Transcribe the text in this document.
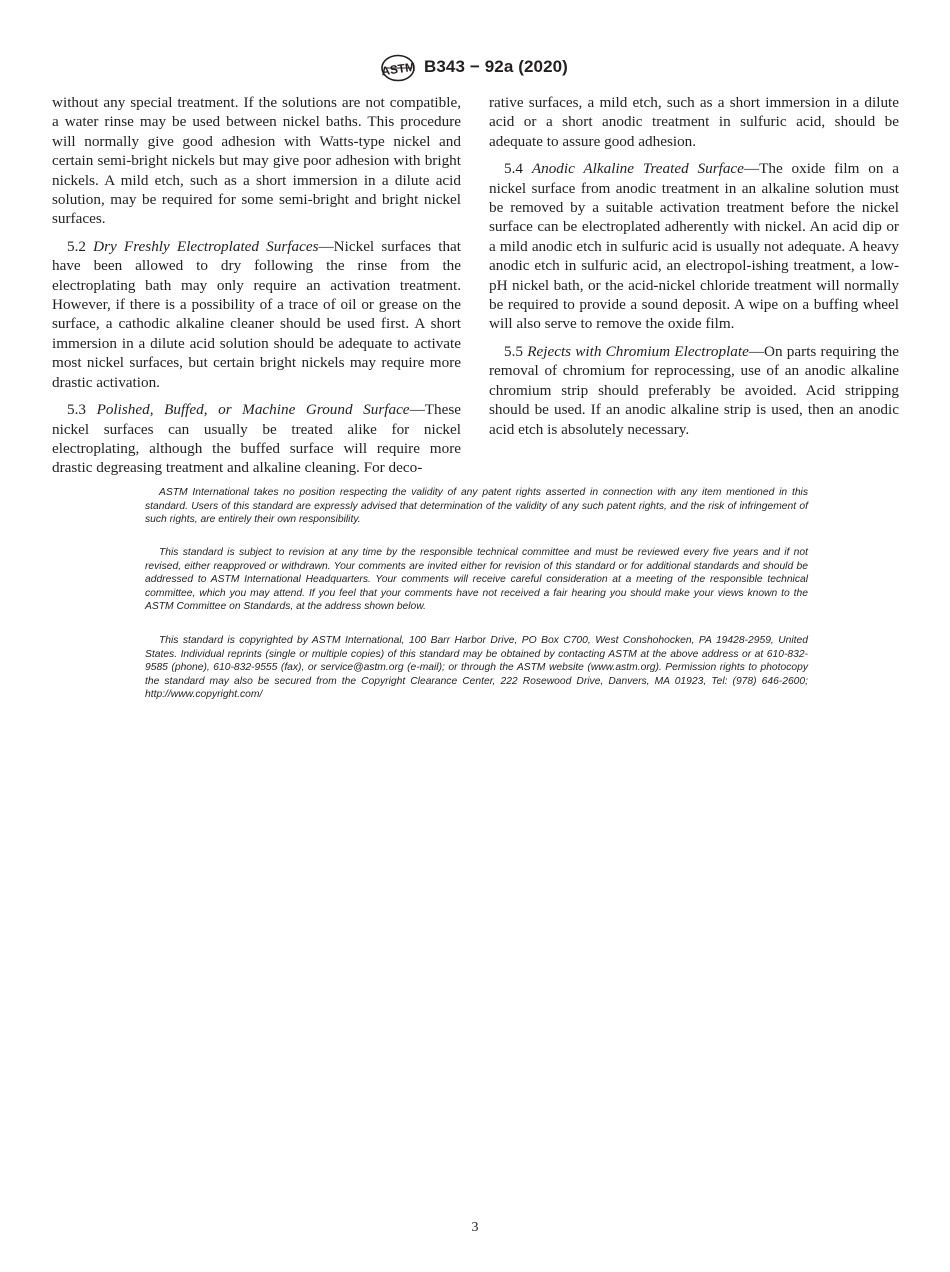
ASTM B343 − 92a (2020)

without any special treatment. If the solutions are not compatible, a water rinse may be used between nickel baths. This procedure will normally give good adhesion with Watts-type nickel and certain semi-bright nickels but may give poor adhesion with bright nickels. A mild etch, such as a short immersion in a dilute acid solution, may be required for some semi-bright and bright nickel surfaces.

5.2 Dry Freshly Electroplated Surfaces—Nickel surfaces that have been allowed to dry following the rinse from the electroplating bath may only require an activation treatment. However, if there is a possibility of a trace of oil or grease on the surface, a cathodic alkaline cleaner should be used first. A short immersion in a dilute acid solution should be adequate to activate most nickel surfaces, but certain bright nickels may require more drastic activation.

5.3 Polished, Buffed, or Machine Ground Surface—These nickel surfaces can usually be treated alike for nickel electroplating, although the buffed surface will require more drastic degreasing treatment and alkaline cleaning. For deco-

rative surfaces, a mild etch, such as a short immersion in a dilute acid or a short anodic treatment in sulfuric acid, should be adequate to assure good adhesion.

5.4 Anodic Alkaline Treated Surface—The oxide film on a nickel surface from anodic treatment in an alkaline solution must be removed by a suitable activation treatment before the nickel surface can be electroplated adherently with nickel. An acid dip or a mild anodic etch in sulfuric acid is usually not adequate. A heavy anodic etch in sulfuric acid, an electropol-ishing treatment, a low-pH nickel bath, or the acid-nickel chloride treatment will normally be required to provide a sound deposit. A wipe on a buffing wheel will also serve to remove the oxide film.

5.5 Rejects with Chromium Electroplate—On parts requiring the removal of chromium for reprocessing, use of an anodic alkaline chromium strip should preferably be avoided. Acid stripping should be used. If an anodic alkaline strip is used, then an anodic acid etch is absolutely necessary.

ASTM International takes no position respecting the validity of any patent rights asserted in connection with any item mentioned in this standard. Users of this standard are expressly advised that determination of the validity of any such patent rights, and the risk of infringement of such rights, are entirely their own responsibility.

This standard is subject to revision at any time by the responsible technical committee and must be reviewed every five years and if not revised, either reapproved or withdrawn. Your comments are invited either for revision of this standard or for additional standards and should be addressed to ASTM International Headquarters. Your comments will receive careful consideration at a meeting of the responsible technical committee, which you may attend. If you feel that your comments have not received a fair hearing you should make your views known to the ASTM Committee on Standards, at the address shown below.

This standard is copyrighted by ASTM International, 100 Barr Harbor Drive, PO Box C700, West Conshohocken, PA 19428-2959, United States. Individual reprints (single or multiple copies) of this standard may be obtained by contacting ASTM at the above address or at 610-832-9585 (phone), 610-832-9555 (fax), or service@astm.org (e-mail); or through the ASTM website (www.astm.org). Permission rights to photocopy the standard may also be secured from the Copyright Clearance Center, 222 Rosewood Drive, Danvers, MA 01923, Tel: (978) 646-2600; http://www.copyright.com/

3
